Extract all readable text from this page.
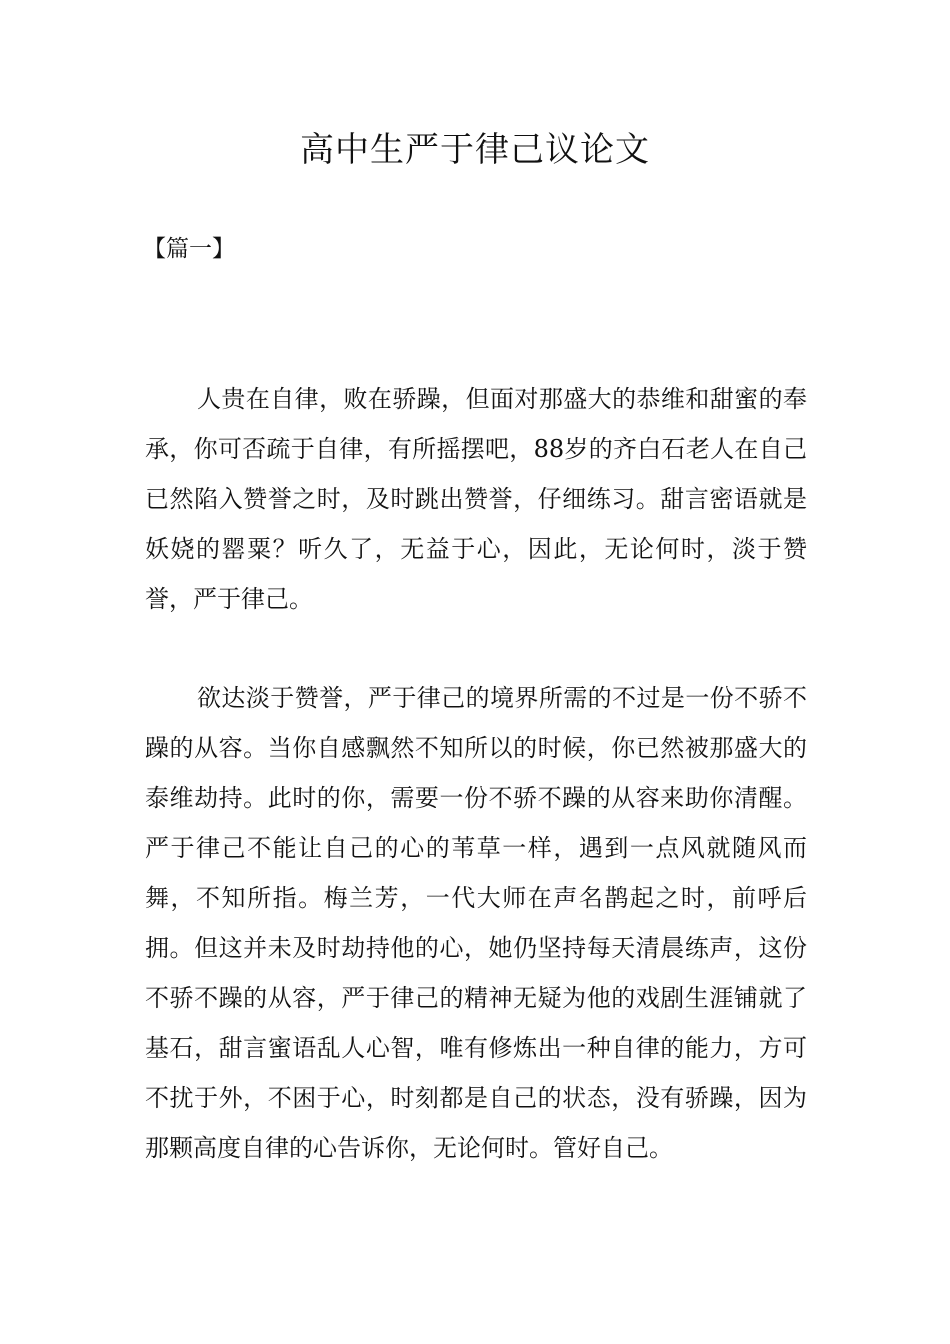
高中生严于律己议论文
【篇一】

人贵在自律，败在骄躁，但面对那盛大的恭维和甜蜜的奉承，你可否疏于自律，有所摇摆吧，88岁的齐白石老人在自己已然陷入赞誉之时，及时跳出赞誉，仔细练习。甜言密语就是妖娆的罂粟？听久了，无益于心，因此，无论何时，淡于赞誉，严于律己。

欲达淡于赞誉，严于律己的境界所需的不过是一份不骄不躁的从容。当你自感飘然不知所以的时候，你已然被那盛大的泰维劫持。此时的你，需要一份不骄不躁的从容来助你清醒。严于律己不能让自己的心的苇草一样，遇到一点风就随风而舞，不知所指。梅兰芳，一代大师在声名鹊起之时，前呼后拥。但这并未及时劫持他的心，她仍坚持每天清晨练声，这份不骄不躁的从容，严于律己的精神无疑为他的戏剧生涯铺就了基石，甜言蜜语乱人心智，唯有修炼出一种自律的能力，方可不扰于外，不困于心，时刻都是自己的状态，没有骄躁，因为那颗高度自律的心告诉你，无论何时。管好自己。
